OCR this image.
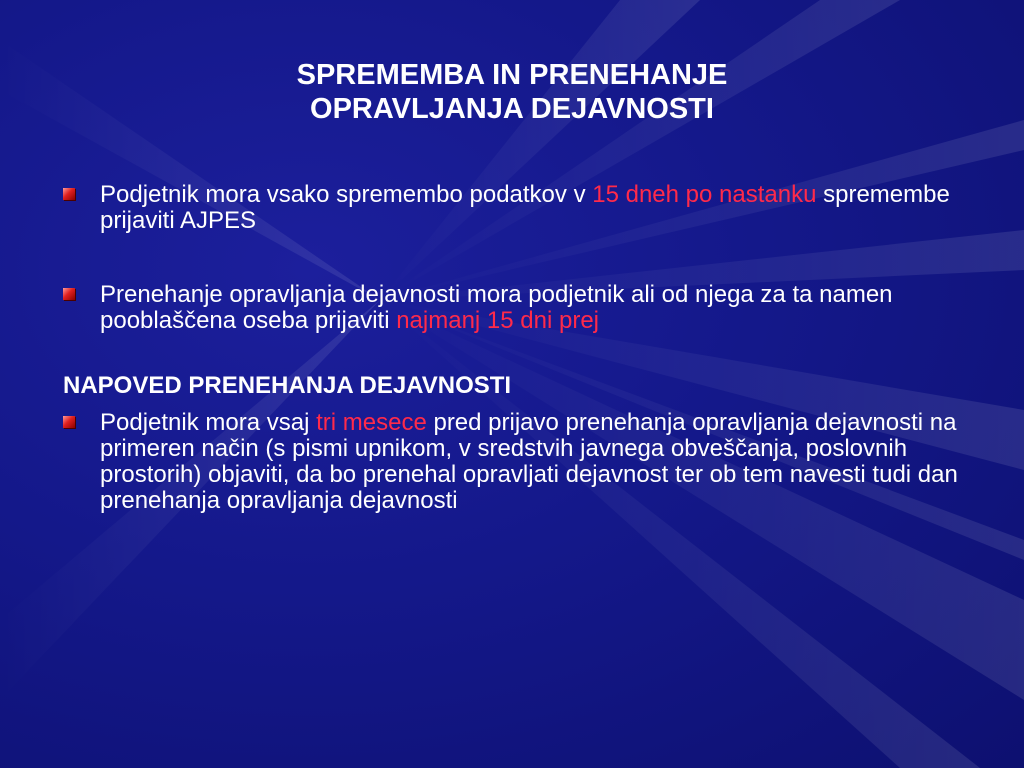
SPREMEMBA IN PRENEHANJE
OPRAVLJANJA DEJAVNOSTI
Podjetnik mora vsako spremembo podatkov v 15 dneh po nastanku spremembe prijaviti AJPES
Prenehanje opravljanja dejavnosti mora podjetnik ali od njega za ta namen pooblaščena oseba prijaviti najmanj 15 dni prej
NAPOVED PRENEHANJA DEJAVNOSTI
Podjetnik mora vsaj tri mesece pred prijavo prenehanja opravljanja dejavnosti na primeren način (s pismi upnikom, v sredstvih javnega obveščanja, poslovnih prostorih) objaviti, da bo prenehal opravljati dejavnost ter ob tem navesti tudi dan prenehanja opravljanja dejavnosti
